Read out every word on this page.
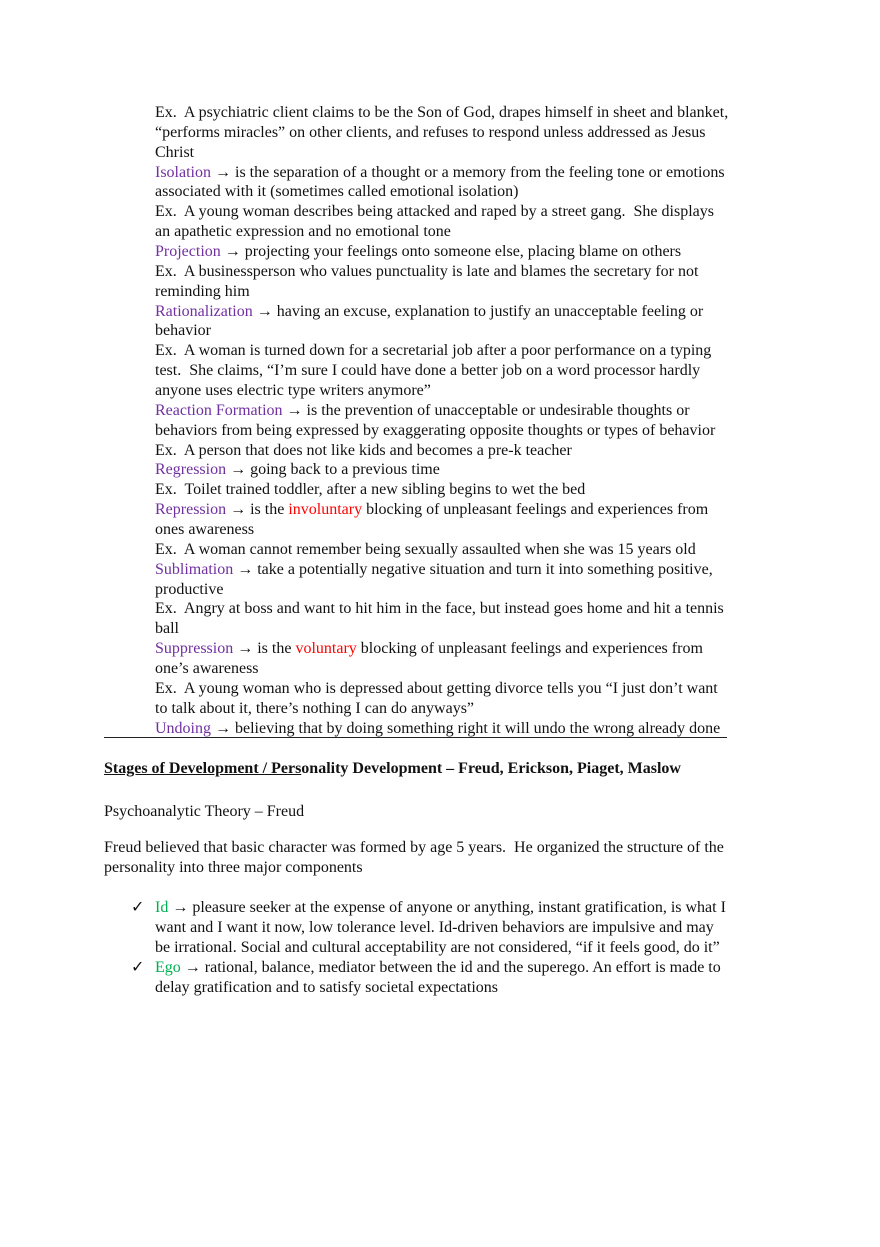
Ex.  A psychiatric client claims to be the Son of God, drapes himself in sheet and blanket,
“performs miracles” on other clients, and refuses to respond unless addressed as Jesus
Christ
Isolation → is the separation of a thought or a memory from the feeling tone or emotions
associated with it (sometimes called emotional isolation)
Ex.  A young woman describes being attacked and raped by a street gang.  She displays
an apathetic expression and no emotional tone
Projection → projecting your feelings onto someone else, placing blame on others
Ex.  A businessperson who values punctuality is late and blames the secretary for not
reminding him
Rationalization → having an excuse, explanation to justify an unacceptable feeling or
behavior
Ex.  A woman is turned down for a secretarial job after a poor performance on a typing
test.  She claims, “I’m sure I could have done a better job on a word processor hardly
anyone uses electric type writers anymore”
Reaction Formation → is the prevention of unacceptable or undesirable thoughts or
behaviors from being expressed by exaggerating opposite thoughts or types of behavior
Ex.  A person that does not like kids and becomes a pre-k teacher
Regression → going back to a previous time
Ex.  Toilet trained toddler, after a new sibling begins to wet the bed
Repression → is the involuntary blocking of unpleasant feelings and experiences from
ones awareness
Ex.  A woman cannot remember being sexually assaulted when she was 15 years old
Sublimation → take a potentially negative situation and turn it into something positive,
productive
Ex.  Angry at boss and want to hit him in the face, but instead goes home and hit a tennis
ball
Suppression → is the voluntary blocking of unpleasant feelings and experiences from
one’s awareness
Ex.  A young woman who is depressed about getting divorce tells you “I just don’t want
to talk about it, there’s nothing I can do anyways”
Undoing → believing that by doing something right it will undo the wrong already done
Stages of Development / Personality Development – Freud, Erickson, Piaget, Maslow
Psychoanalytic Theory – Freud
Freud believed that basic character was formed by age 5 years.  He organized the structure of the
personality into three major components
Id → pleasure seeker at the expense of anyone or anything, instant gratification, is what I
✓
want and I want it now, low tolerance level. Id-driven behaviors are impulsive and may
be irrational. Social and cultural acceptability are not considered, “if it feels good, do it”
Ego → rational, balance, mediator between the id and the superego. An effort is made to
✓
delay gratification and to satisfy societal expectations
